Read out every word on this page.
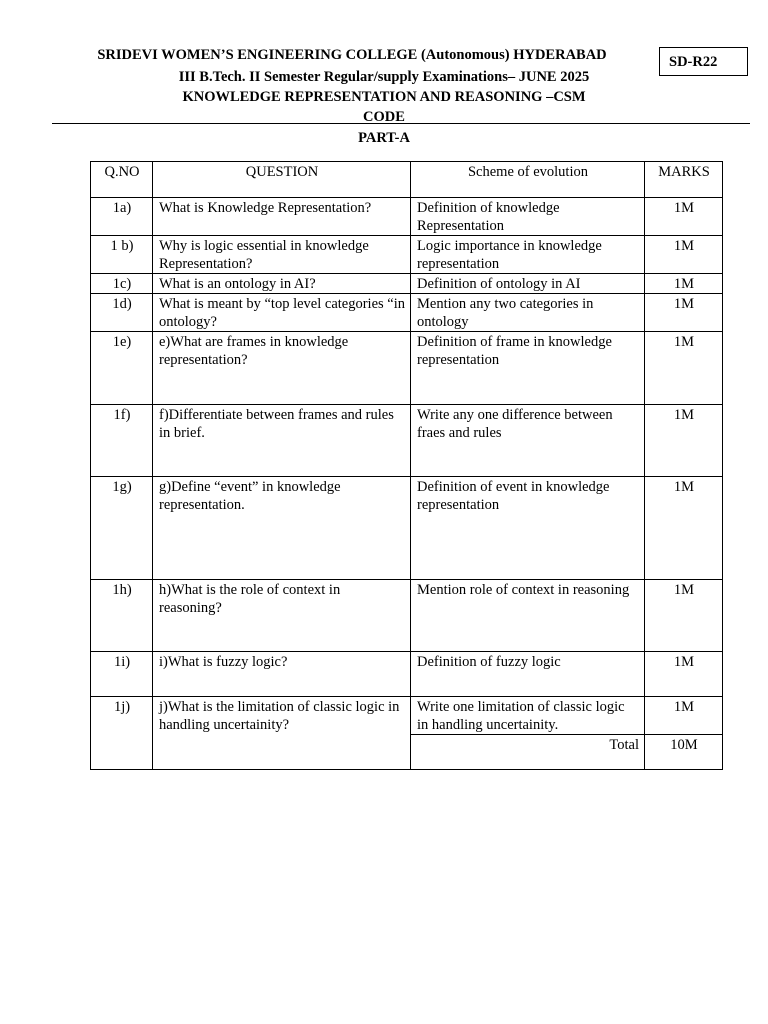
SRIDEVI WOMEN’S ENGINEERING COLLEGE (Autonomous) HYDERABAD	SD-R22
III B.Tech. II Semester Regular/supply Examinations– JUNE 2025
KNOWLEDGE REPRESENTATION AND REASONING –CSM
CODE
PART-A
Q.NO	QUESTION	Scheme of evolution	MARKS
1a)	What is Knowledge Representation?	Definition of knowledge Representation	1M
1 b)	Why is logic essential in knowledge Representation?	Logic importance in knowledge representation	1M
1c)	What is an ontology in AI?	Definition of ontology in AI	1M
1d)	What is meant by “top level categories “in ontology?	Mention any two categories in ontology	1M
1e)	e)What are frames in knowledge representation?	Definition of frame in knowledge representation	1M
1f)	f)Differentiate between frames and rules in brief.	Write any one difference between fraes and rules	1M
1g)	g)Define “event” in knowledge representation.	Definition of event in knowledge representation	1M
1h)	h)What is the role of context in reasoning?	Mention role of context in reasoning	1M
1i)	i)What is fuzzy logic?	Definition of fuzzy logic	1M
1j)	j)What is the limitation of classic logic in handling uncertainity?	Write one limitation of classic logic in handling uncertainity.	1M
		Total	10M
